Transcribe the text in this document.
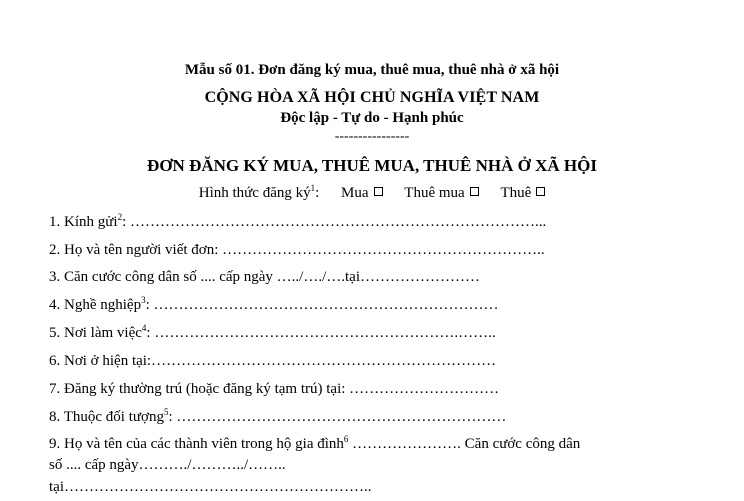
Mẫu số 01. Đơn đăng ký mua, thuê mua, thuê nhà ở xã hội
CỘNG HÒA XÃ HỘI CHỦ NGHĨA VIỆT NAM
Độc lập - Tự do - Hạnh phúc
----------------
ĐƠN ĐĂNG KÝ MUA, THUÊ MUA, THUÊ NHÀ Ở XÃ HỘI
Hình thức đăng $ký^1$: Mua Thuê mua Thuê
1. Kính gửi$^2$: ………………………………………………………………………...
2. Họ và tên người viết đơn: ………………………………………………………..
3. Căn cước công dân số .... cấp ngày …../…./….tại……………………
4. Nghề nghiệp$^3$: ……………………………………………………………
5. Nơi làm việc$^4$: …………………………………………………….……..
6. Nơi ở hiện tại:……………………………………………………………
7. Đăng ký thường trú (hoặc đăng ký tạm trú) tại: …………………………
8. Thuộc đối tượng$^5$: …………………………………………………………
9. Họ và tên của các thành viên trong hộ gia đình$^6$ …………………. Căn cước công dân
số .... cấp ngày………./………../……..
tại……………………………………………………..
